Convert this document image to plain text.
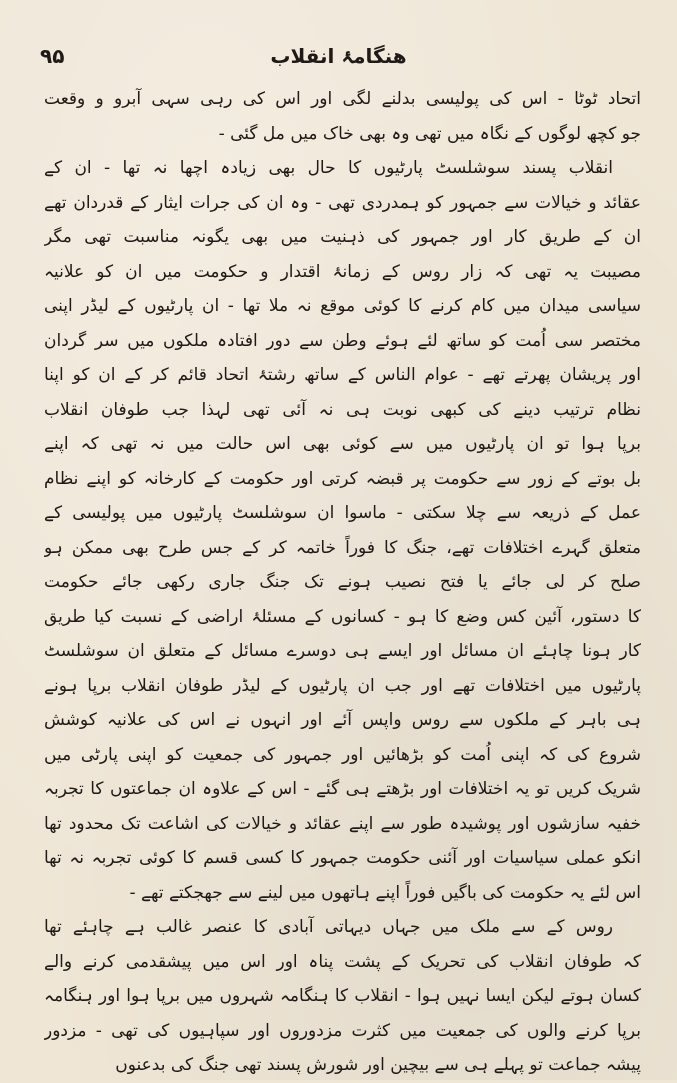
۹۵	ھنگامۂ انقلاب
اتحاد ٹوٹا - اس کی پولیسی بدلنے لگی اور اس کی رہی سہی آبرو و وقعت
جو کچھ لوگوں کے نگاہ میں تھی وہ بھی خاک میں مل گئی -
انقلاب پسند سوشلسٹ پارٹیوں کا حال بھی زیادہ اچھا نہ تھا - ان کے
عقائد و خیالات سے جمہور کو ہمدردی تھی - وہ ان کی جرات ایثار کے قدردان تھے
ان کے طریق کار اور جمہور کی ذہنیت میں بھی یگونہ مناسبت تھی مگر
مصیبت یہ تھی کہ زار روس کے زمانۂ اقتدار و حکومت میں ان کو علانیہ
سیاسی میدان میں کام کرنے کا کوئی موقع نہ ملا تھا - ان پارٹیوں کے لیڈر اپنی
مختصر سی اُمت کو ساتھ لئے ہوئے وطن سے دور افتادہ ملکوں میں سر گردان
اور پریشان پھرتے تھے - عوام الناس کے ساتھ رشتۂ اتحاد قائم کر کے ان کو اپنا
نظام ترتیب دینے کی کبھی نوبت ہی نہ آئی تھی لہذا جب طوفان انقلاب
برپا ہوا تو ان پارٹیوں میں سے کوئی بھی اس حالت میں نہ تھی کہ اپنے
بل بوتے کے زور سے حکومت پر قبضہ کرتی اور حکومت کے کارخانہ کو اپنے نظام
عمل کے ذریعہ سے چلا سکتی - ماسوا ان سوشلسٹ پارٹیوں میں پولیسی کے
متعلق گہرے اختلافات تھے، جنگ کا فوراً خاتمہ کر کے جس طرح بھی ممکن ہو
صلح کر لی جائے یا فتح نصیب ہونے تک جنگ جاری رکھی جائے حکومت
کا دستور، آئین کس وضع کا ہو - کسانوں کے مسئلۂ اراضی کے نسبت کیا طریق
کار ہونا چاہئے ان مسائل اور ایسے ہی دوسرے مسائل کے متعلق ان سوشلسٹ
پارٹیوں میں اختلافات تھے اور جب ان پارٹیوں کے لیڈر طوفان انقلاب برپا ہونے
ہی باہر کے ملکوں سے روس واپس آئے اور انہوں نے اس کی علانیہ کوشش
شروع کی کہ اپنی اُمت کو بڑھائیں اور جمہور کی جمعیت کو اپنی پارٹی میں
شریک کریں تو یہ اختلافات اور بڑھتے ہی گئے - اس کے علاوہ ان جماعتوں کا تجربہ
خفیہ سازشوں اور پوشیدہ طور سے اپنے عقائد و خیالات کی اشاعت تک محدود تھا
انکو عملی سیاسیات اور آئنی حکومت جمہور کا کسی قسم کا کوئی تجربہ نہ تھا
اس لئے یہ حکومت کی باگیں فوراً اپنے ہاتھوں میں لینے سے جھجکتے تھے -
روس کے سے ملک میں جہاں دیہاتی آبادی کا عنصر غالب ہے چاہئے تھا
کہ طوفان انقلاب کی تحریک کے پشت پناہ اور اس میں پیشقدمی کرنے والے
کسان ہوتے لیکن ایسا نہیں ہوا - انقلاب کا ہنگامہ شہروں میں برپا ہوا اور ہنگامہ
برپا کرنے والوں کی جمعیت میں کثرت مزدوروں اور سپاہیوں کی تھی - مزدور
پیشہ جماعت تو پہلے ہی سے بیچین اور شورش پسند تھی جنگ کی بدعنوں
